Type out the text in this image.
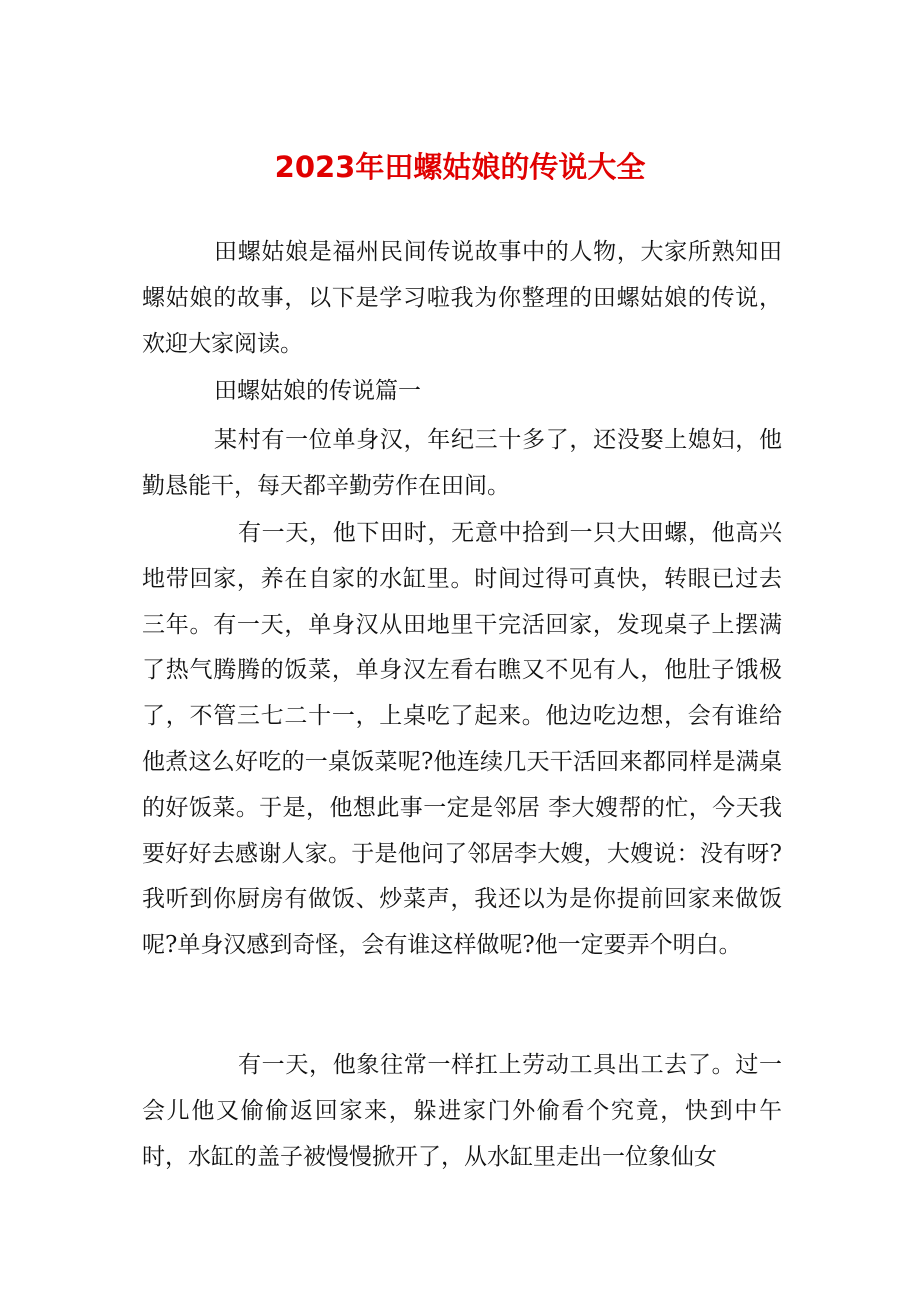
2023年田螺姑娘的传说大全

田螺姑娘是福州民间传说故事中的人物，大家所熟知田螺姑娘的故事，以下是学习啦我为你整理的田螺姑娘的传说，欢迎大家阅读。

田螺姑娘的传说篇一

某村有一位单身汉，年纪三十多了，还没娶上媳妇，他勤恳能干，每天都辛勤劳作在田间。

有一天，他下田时，无意中拾到一只大田螺，他高兴地带回家，养在自家的水缸里。时间过得可真快，转眼已过去三年。有一天，单身汉从田地里干完活回家，发现桌子上摆满了热气腾腾的饭菜，单身汉左看右瞧又不见有人，他肚子饿极了，不管三七二十一，上桌吃了起来。他边吃边想，会有谁给他煮这么好吃的一桌饭菜呢?他连续几天干活回来都同样是满桌的好饭菜。于是，他想此事一定是邻居 李大嫂帮的忙，今天我要好好去感谢人家。于是他问了邻居李大嫂，大嫂说：没有呀?我听到你厨房有做饭、炒菜声，我还以为是你提前回家来做饭呢?单身汉感到奇怪，会有谁这样做呢?他一定要弄个明白。

有一天，他象往常一样扛上劳动工具出工去了。过一会儿他又偷偷返回家来，躲进家门外偷看个究竟，快到中午时，水缸的盖子被慢慢掀开了，从水缸里走出一位象仙女
